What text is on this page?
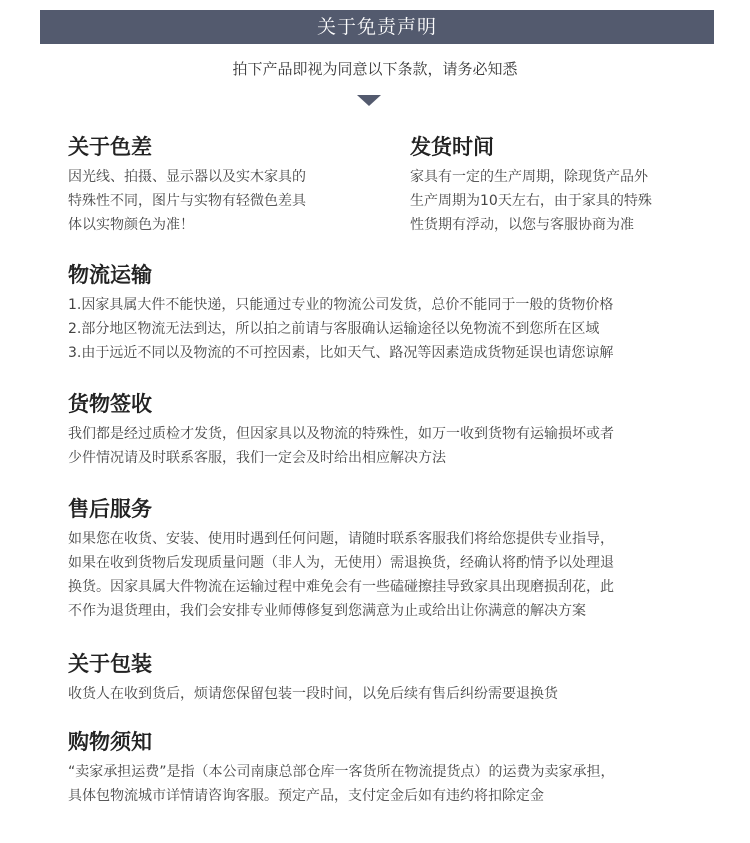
关于免责声明
拍下产品即视为同意以下条款，请务必知悉
关于色差
因光线、拍摄、显示器以及实木家具的
特殊性不同，图片与实物有轻微色差具
体以实物颜色为准！
发货时间
家具有一定的生产周期，除现货产品外
生产周期为10天左右，由于家具的特殊
性货期有浮动，以您与客服协商为准
物流运输
1.因家具属大件不能快递，只能通过专业的物流公司发货，总价不能同于一般的货物价格
2.部分地区物流无法到达，所以拍之前请与客服确认运输途径以免物流不到您所在区域
3.由于远近不同以及物流的不可控因素，比如天气、路况等因素造成货物延误也请您谅解
货物签收
我们都是经过质检才发货，但因家具以及物流的特殊性，如万一收到货物有运输损坏或者
少件情况请及时联系客服，我们一定会及时给出相应解决方法
售后服务
如果您在收货、安装、使用时遇到任何问题，请随时联系客服我们将给您提供专业指导，
如果在收到货物后发现质量问题（非人为，无使用）需退换货，经确认将酌情予以处理退
换货。因家具属大件物流在运输过程中难免会有一些磕碰擦挂导致家具出现磨损刮花，此
不作为退货理由，我们会安排专业师傅修复到您满意为止或给出让你满意的解决方案
关于包装
收货人在收到货后，烦请您保留包装一段时间，以免后续有售后纠纷需要退换货
购物须知
“卖家承担运费”是指（本公司南康总部仓库一客货所在物流提货点）的运费为卖家承担，
具体包物流城市详情请咨询客服。预定产品，支付定金后如有违约将扣除定金
